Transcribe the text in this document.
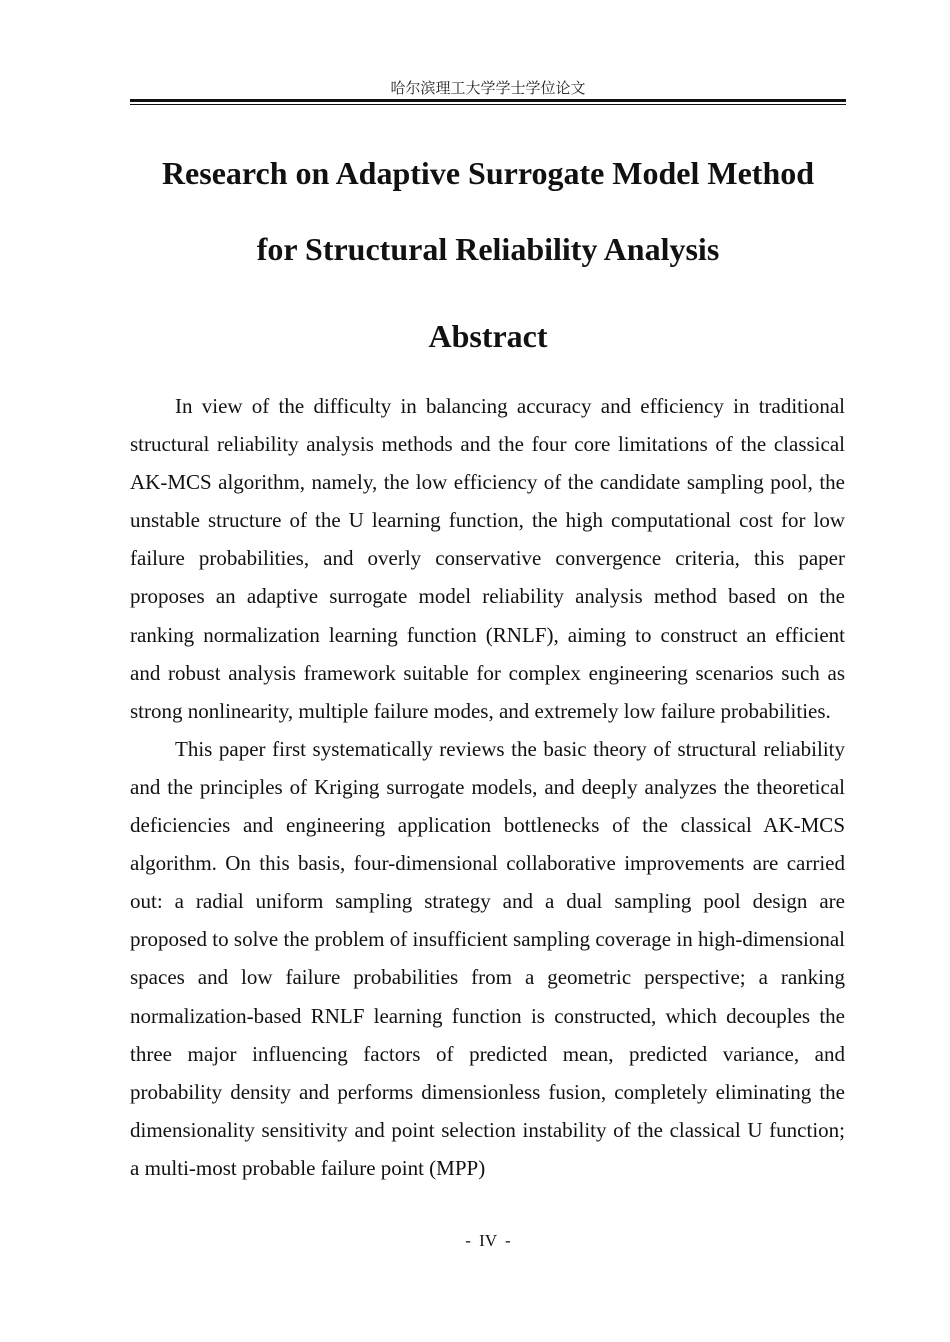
哈尔滨理工大学学士学位论文
Research on Adaptive Surrogate Model Method
for Structural Reliability Analysis
Abstract

In view of the difficulty in balancing accuracy and efficiency in traditional structural reliability analysis methods and the four core limitations of the classical AK-MCS algorithm, namely, the low efficiency of the candidate sampling pool, the unstable structure of the U learning function, the high computational cost for low failure probabilities, and overly conservative convergence criteria, this paper proposes an adaptive surrogate model reliability analysis method based on the ranking normalization learning function (RNLF), aiming to construct an efficient and robust analysis framework suitable for complex engineering scenarios such as strong nonlinearity, multiple failure modes, and extremely low failure probabilities.

This paper first systematically reviews the basic theory of structural reliability and the principles of Kriging surrogate models, and deeply analyzes the theoretical deficiencies and engineering application bottlenecks of the classical AK-MCS algorithm. On this basis, four-dimensional collaborative improvements are carried out: a radial uniform sampling strategy and a dual sampling pool design are proposed to solve the problem of insufficient sampling coverage in high-dimensional spaces and low failure probabilities from a geometric perspective; a ranking normalization-based RNLF learning function is constructed, which decouples the three major influencing factors of predicted mean, predicted variance, and probability density and performs dimensionless fusion, completely eliminating the dimensionality sensitivity and point selection instability of the classical U function; a multi-most probable failure point (MPP)

- IV -
